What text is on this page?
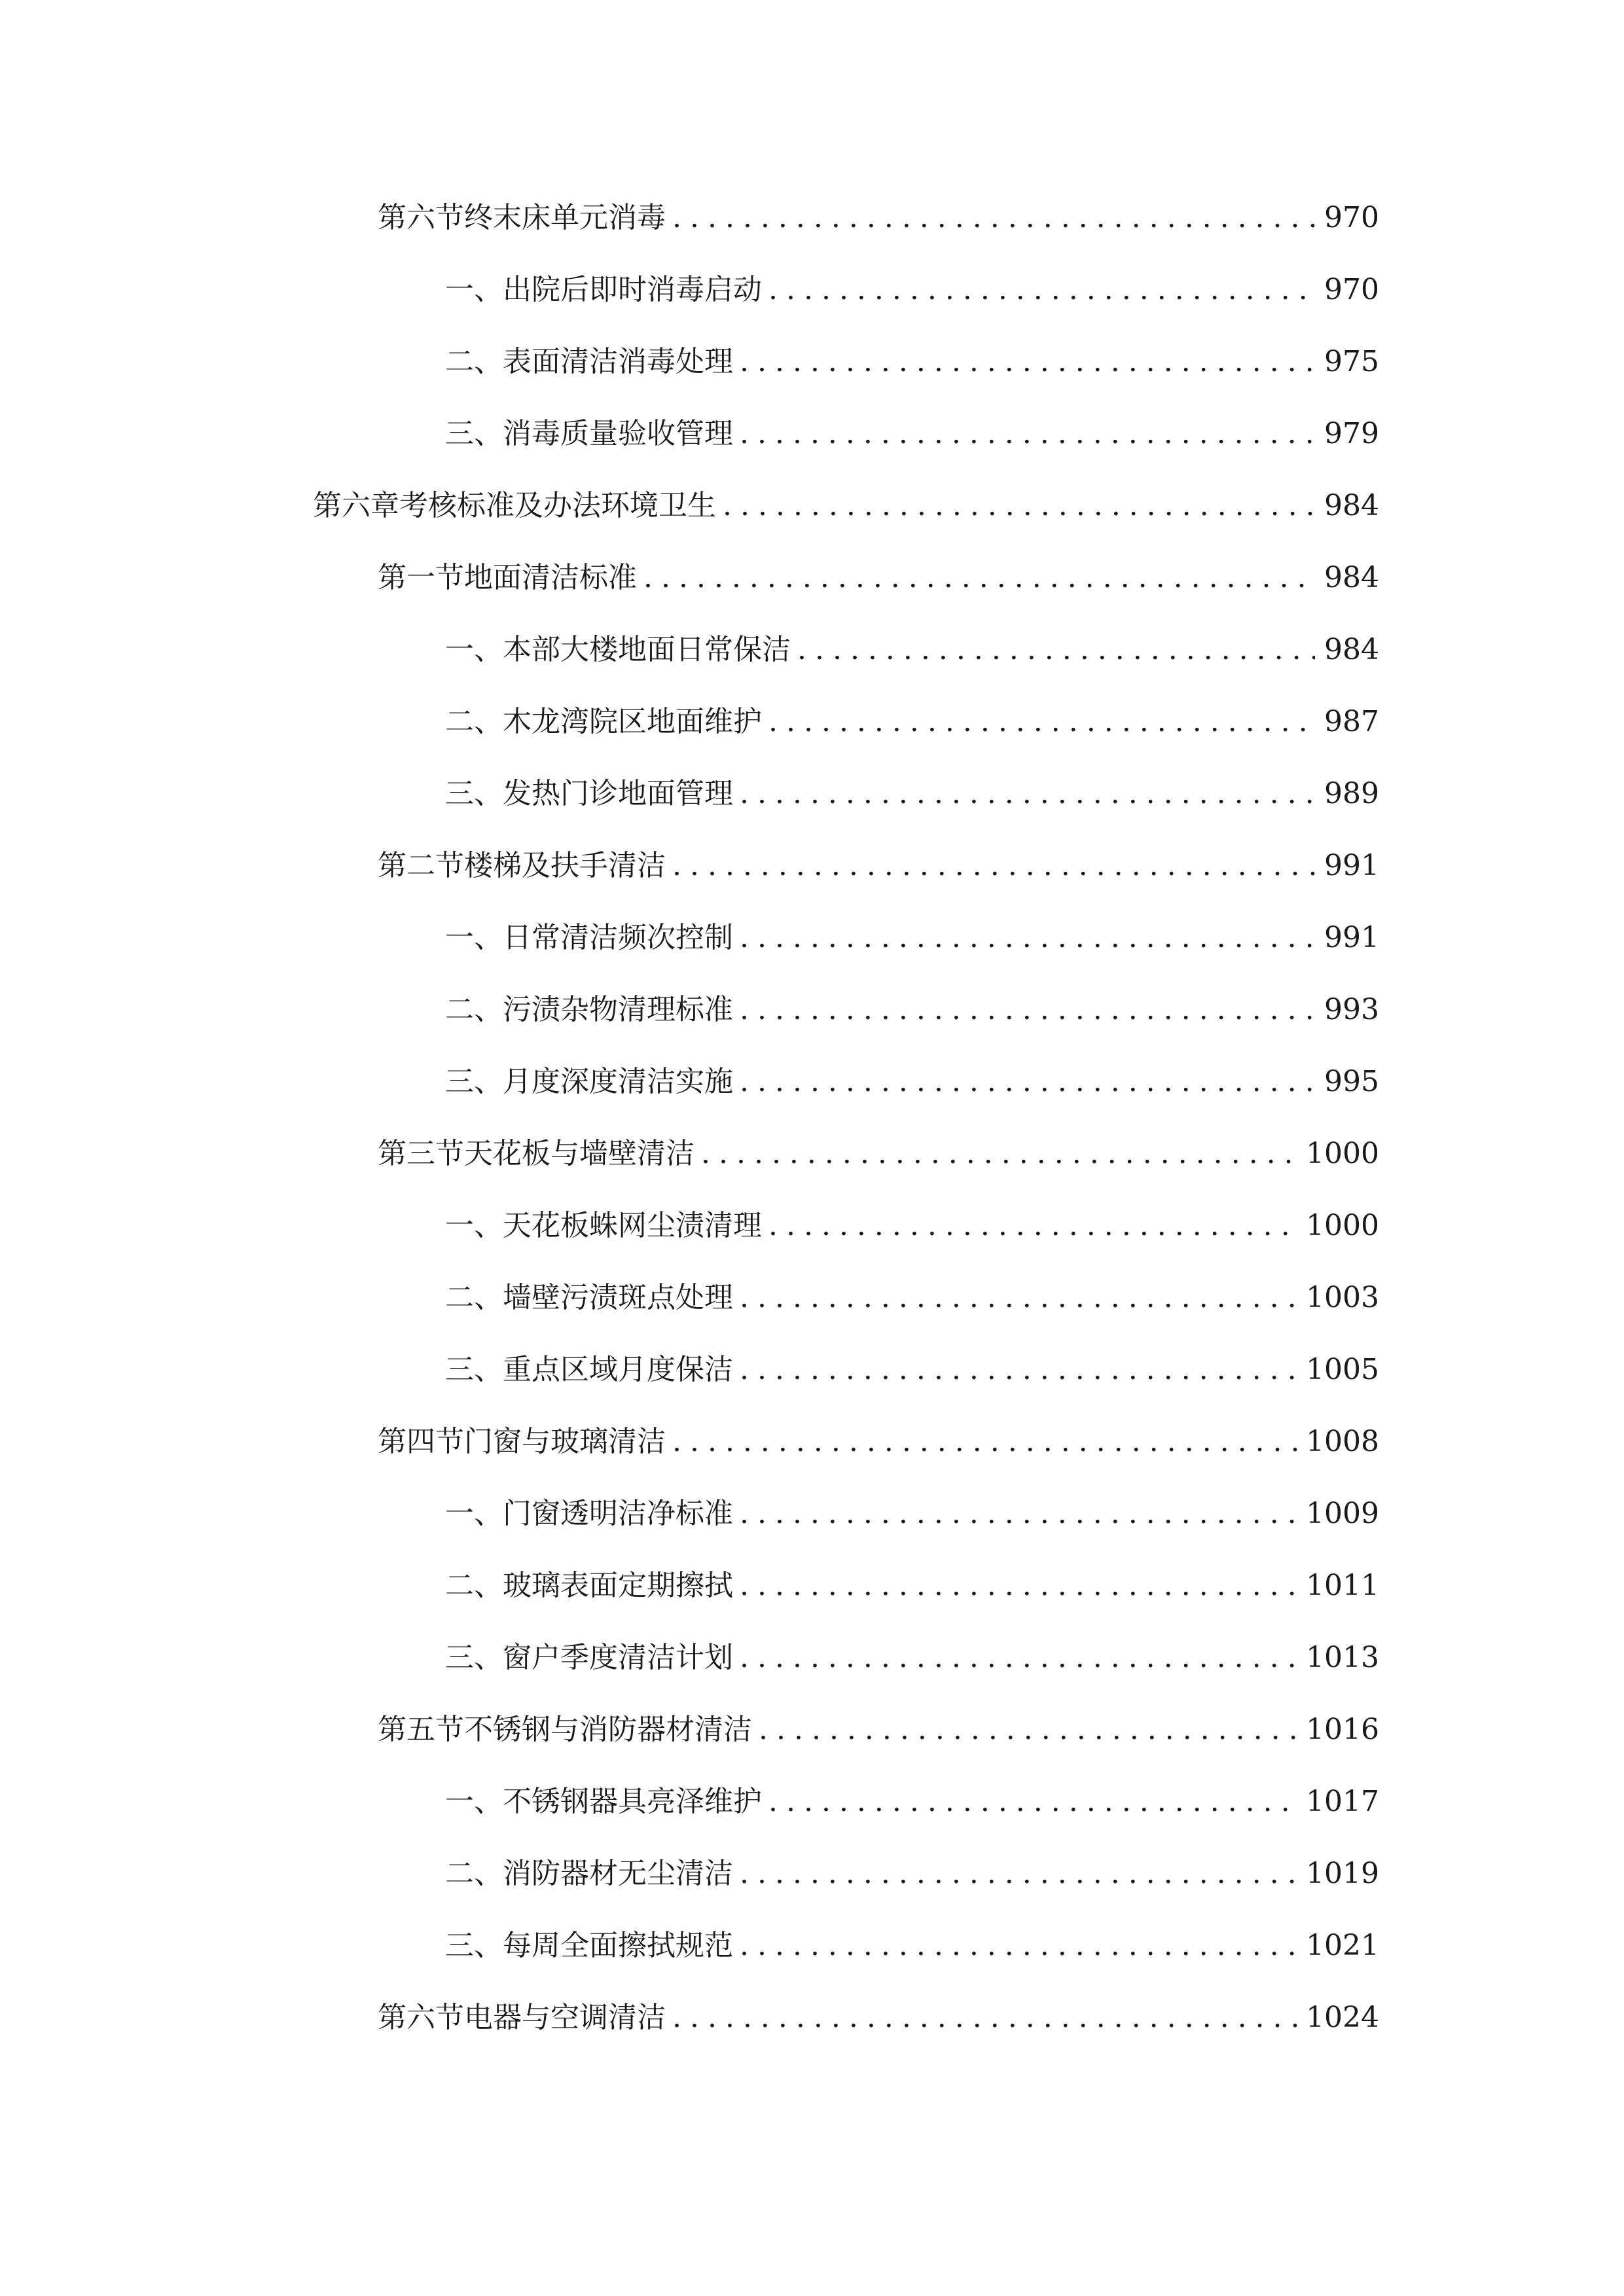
第六节 终末床单元消毒 .....	970
一、 出院后即时消毒启动 .....	970
二、 表面清洁消毒处理 .....	975
三、 消毒质量验收管理 .....	979
第六章 考核标准及办法环境卫生 .....	984
第一节 地面清洁标准 .....	984
一、 本部大楼地面日常保洁 .....	984
二、 木龙湾院区地面维护 .....	987
三、 发热门诊地面管理 .....	989
第二节 楼梯及扶手清洁 .....	991
一、 日常清洁频次控制 .....	991
二、 污渍杂物清理标准 .....	993
三、 月度深度清洁实施 .....	995
第三节 天花板与墙壁清洁 .....	1000
一、 天花板蛛网尘渍清理 .....	1000
二、 墙壁污渍斑点处理 .....	1003
三、 重点区域月度保洁 .....	1005
第四节 门窗与玻璃清洁 .....	1008
一、 门窗透明洁净标准 .....	1009
二、 玻璃表面定期擦拭 .....	1011
三、 窗户季度清洁计划 .....	1013
第五节 不锈钢与消防器材清洁 .....	1016
一、 不锈钢器具亮泽维护 .....	1017
二、 消防器材无尘清洁 .....	1019
三、 每周全面擦拭规范 .....	1021
第六节 电器与空调清洁 .....	1024
